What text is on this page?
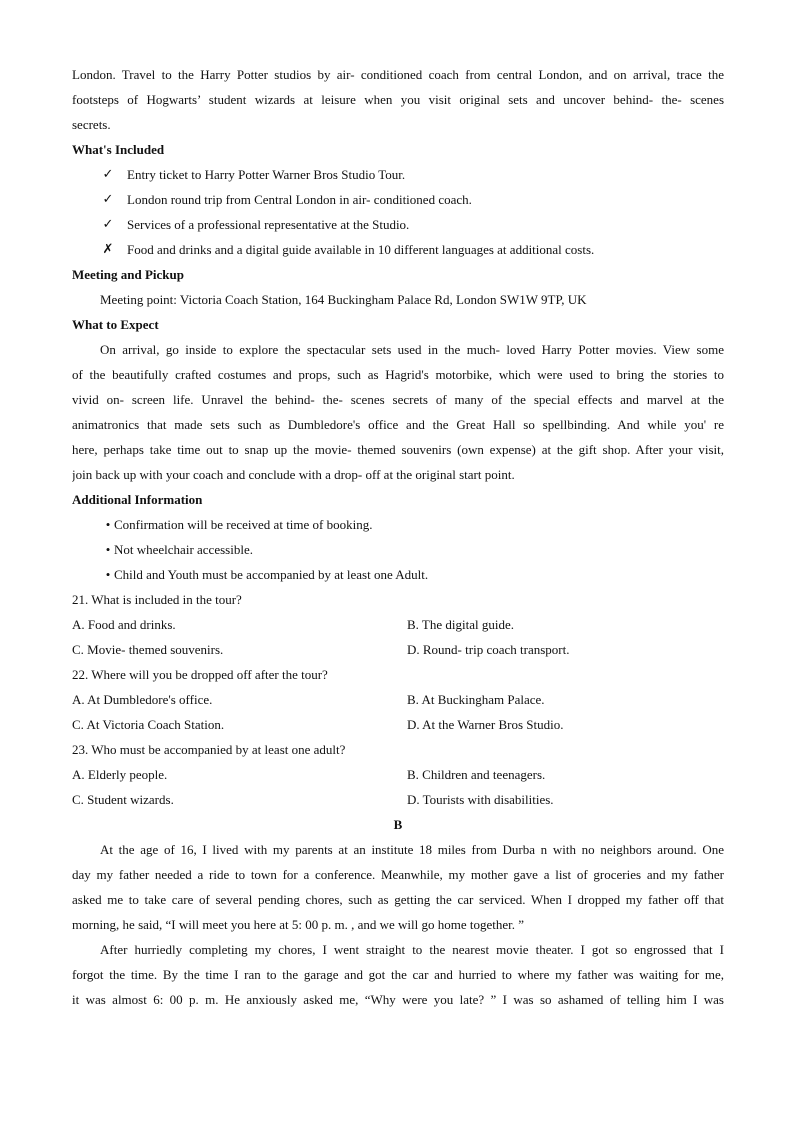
London. Travel to the Harry Potter studios by air- conditioned coach from central London, and on arrival, trace the
footsteps of Hogwarts’ student wizards at leisure when you visit original sets and uncover behind- the- scenes
secrets.
What's Included
✓ Entry ticket to Harry Potter Warner Bros Studio Tour.
✓ London round trip from Central London in air- conditioned coach.
✓ Services of a professional representative at the Studio.
✗ Food and drinks and a digital guide available in 10 different languages at additional costs.
Meeting and Pickup
Meeting point: Victoria Coach Station, 164 Buckingham Palace Rd, London SW1W 9TP, UK
What to Expect
On arrival, go inside to explore the spectacular sets used in the much- loved Harry Potter movies. View some
of the beautifully crafted costumes and props, such as Hagrid's motorbike, which were used to bring the stories to
vivid on- screen life. Unravel the behind- the- scenes secrets of many of the special effects and marvel at the
animatronics that made sets such as Dumbledore's office and the Great Hall so spellbinding. And while you' re
here, perhaps take time out to snap up the movie- themed souvenirs (own expense) at the gift shop. After your visit,
join back up with your coach and conclude with a drop- off at the original start point.
Additional Information
• Confirmation will be received at time of booking.
• Not wheelchair accessible.
• Child and Youth must be accompanied by at least one Adult.
21. What is included in the tour?
A. Food and drinks.	B. The digital guide.
C. Movie- themed souvenirs.	D. Round- trip coach transport.
22. Where will you be dropped off after the tour?
A. At Dumbledore's office.	B. At Buckingham Palace.
C. At Victoria Coach Station.	D. At the Warner Bros Studio.
23. Who must be accompanied by at least one adult?
A. Elderly people.	B. Children and teenagers.
C. Student wizards.	D. Tourists with disabilities.
B
At the age of 16, I lived with my parents at an institute 18 miles from Durba n with no neighbors around. One
day my father needed a ride to town for a conference. Meanwhile, my mother gave a list of groceries and my father
asked me to take care of several pending chores, such as getting the car serviced. When I dropped my father off that
morning, he said, “I will meet you here at 5: 00 p. m. , and we will go home together. ”
After hurriedly completing my chores, I went straight to the nearest movie theater. I got so engrossed that I
forgot the time. By the time I ran to the garage and got the car and hurried to where my father was waiting for me,
it was almost 6: 00 p. m. He anxiously asked me, “Why were you late? ” I was so ashamed of telling him I was
